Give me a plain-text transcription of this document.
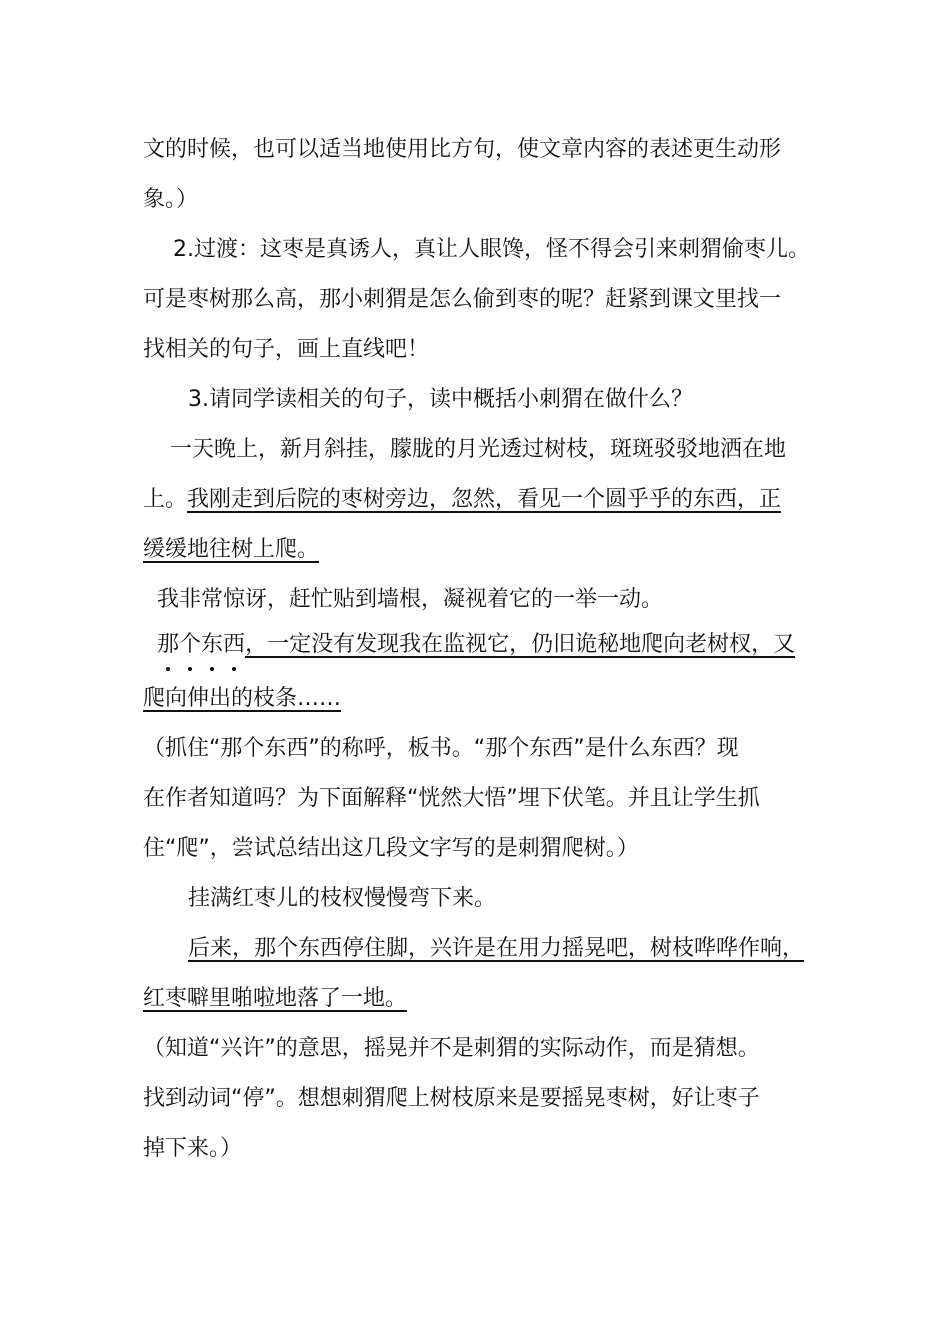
文的时候，也可以适当地使用比方句，使文章内容的表述更生动形
象。）
2.过渡：这枣是真诱人，真让人眼馋，怪不得会引来刺猬偷枣儿。
可是枣树那么高，那小刺猬是怎么偷到枣的呢？赶紧到课文里找一
找相关的句子，画上直线吧！
3.请同学读相关的句子，读中概括小刺猬在做什么？
一天晚上，新月斜挂，朦胧的月光透过树枝，斑斑驳驳地洒在地
上。我刚走到后院的枣树旁边，忽然，看见一个圆乎乎的东西，正
缓缓地往树上爬。
我非常惊讶，赶忙贴到墙根，凝视着它的一举一动。
那个东西，一定没有发现我在监视它，仍旧诡秘地爬向老树杈，又
爬向伸出的枝条……
（抓住“那个东西”的称呼，板书。“那个东西”是什么东西？现
在作者知道吗？为下面解释“恍然大悟”埋下伏笔。并且让学生抓
住“爬”，尝试总结出这几段文字写的是刺猬爬树。）
挂满红枣儿的枝杈慢慢弯下来。
后来，那个东西停住脚，兴许是在用力摇晃吧，树枝哗哗作响，
红枣噼里啪啦地落了一地。
（知道“兴许”的意思，摇晃并不是刺猬的实际动作，而是猜想。
找到动词“停”。想想刺猬爬上树枝原来是要摇晃枣树，好让枣子
掉下来。）
